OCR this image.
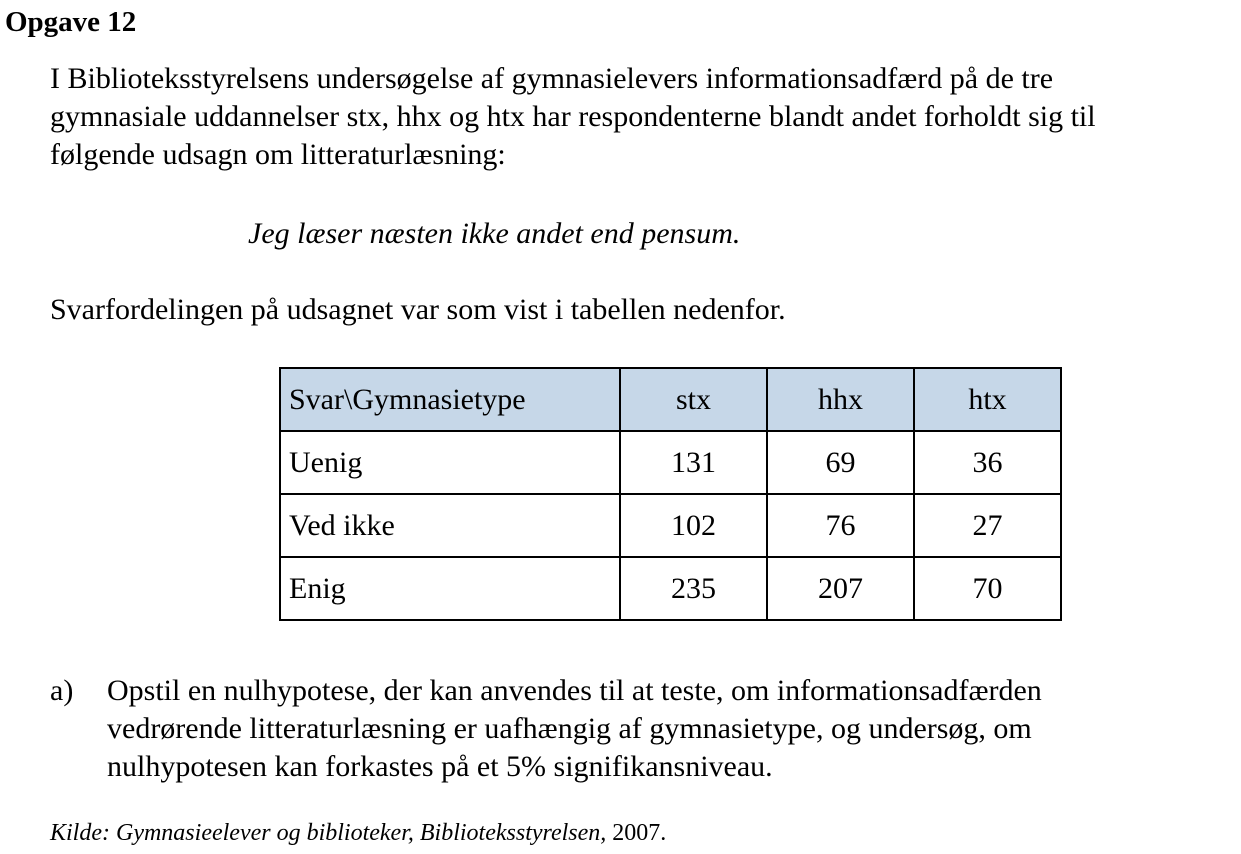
Opgave 12
I Biblioteksstyrelsens undersøgelse af gymnasielevers informationsadfærd på de tre
gymnasiale uddannelser stx, hhx og htx har respondenterne blandt andet forholdt sig til
følgende udsagn om litteraturlæsning:
Jeg læser næsten ikke andet end pensum.
Svarfordelingen på udsagnet var som vist i tabellen nedenfor.
Svar\Gymnasietype	stx	hhx	htx
Uenig	131	69	36
Ved ikke	102	76	27
Enig	235	207	70
a) Opstil en nulhypotese, der kan anvendes til at teste, om informationsadfærden
vedrørende litteraturlæsning er uafhængig af gymnasietype, og undersøg, om
nulhypotesen kan forkastes på et 5% signifikansniveau.
Kilde: Gymnasieelever og biblioteker, Biblioteksstyrelsen, 2007.
